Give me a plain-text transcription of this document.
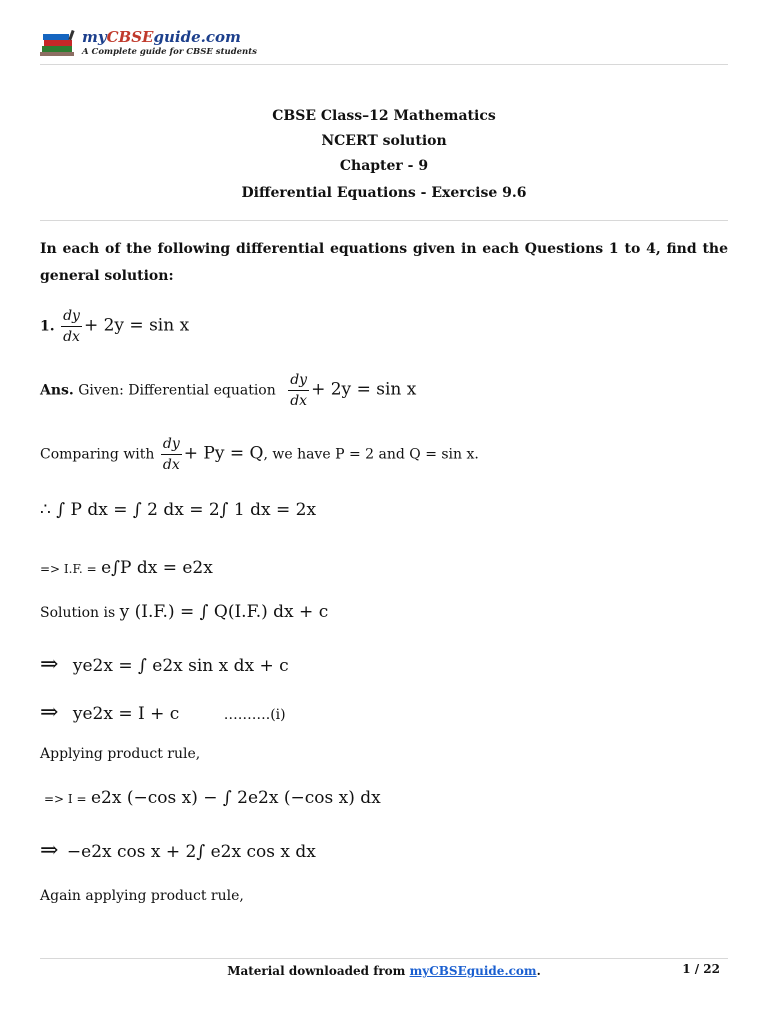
myCBSEguide.com
A Complete guide for CBSE students
CBSE Class–12 Mathematics
NCERT solution
Chapter - 9
Differential Equations - Exercise 9.6
In each of the following differential equations given in each Questions 1 to 4, find the general solution:
1. $\frac{dy}{dx} + 2y = \sin x$
Ans. Given: Differential equation $\frac{dy}{dx} + 2y = \sin x$
Comparing with $\frac{dy}{dx} + Py = Q$, we have P = 2 and Q = sin x.
∴ ∫ P dx = ∫ 2 dx = 2∫ 1 dx = 2x
=> I.F. = e∫P dx = e2x
Solution is y (I.F.) = ∫ Q(I.F.) dx + c
⇒ ye2x = ∫ e2x sin x dx + c
⇒ ye2x = I + c	……….(i)
Applying product rule,
=> I = e2x (−cos x) − ∫ 2e2x (−cos x) dx
⇒ −e2x cos x + 2∫ e2x cos x dx
Again applying product rule,
Material downloaded from myCBSEguide.com.	1 / 22
